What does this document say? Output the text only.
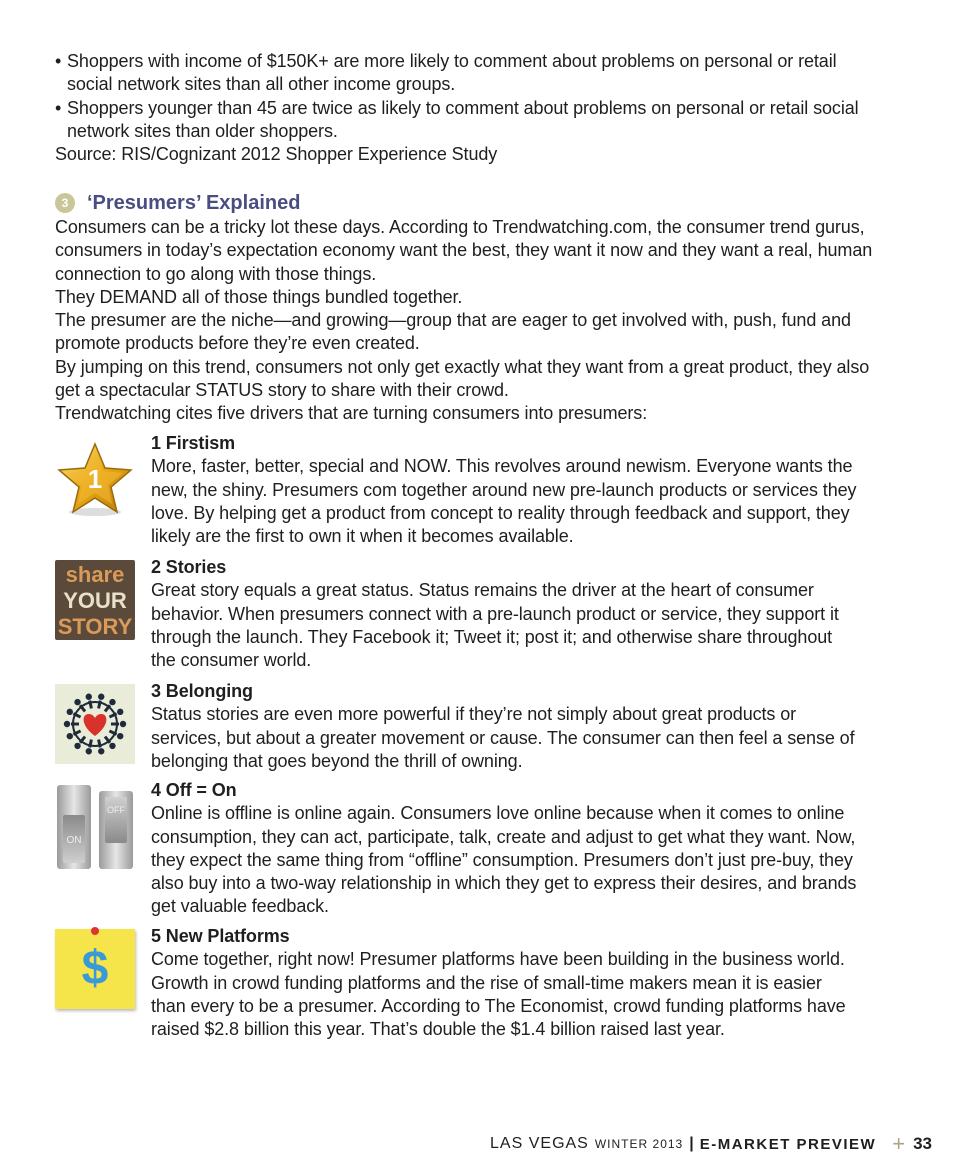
• Shoppers with income of $150K+ are more likely to comment about problems on personal or retail social network sites than all other income groups.
• Shoppers younger than 45 are twice as likely to comment about problems on personal or retail social network sites than older shoppers.
Source: RIS/Cognizant 2012 Shopper Experience Study
3 ‘Presumers’ Explained

Consumers can be a tricky lot these days. According to Trendwatching.com, the consumer trend gurus, consumers in today’s expectation economy want the best, they want it now and they want a real, human connection to go along with those things.

They DEMAND all of those things bundled together.

The presumer are the niche—and growing—group that are eager to get involved with, push, fund and promote products before they’re even created.

By jumping on this trend, consumers not only get exactly what they want from a great product, they also get a spectacular STATUS story to share with their crowd.

Trendwatching cites five drivers that are turning consumers into presumers:

1
1 Firstism

More, faster, better, special and NOW. This revolves around newism. Everyone wants the new, the shiny. Presumers com together around new pre-launch products or services they love. By helping get a product from concept to reality through feedback and support, they likely are the first to own it when it becomes available.

share
YOUR
STORY
2 Stories

Great story equals a great status. Status remains the driver at the heart of consumer behavior. When presumers connect with a pre-launch product or service, they support it through the launch. They Facebook it; Tweet it; post it; and otherwise share throughout the consumer world.

3 Belonging

Status stories are even more powerful if they’re not simply about great products or services, but about a greater movement or cause. The consumer can then feel a sense of belonging that goes beyond the thrill of owning.

ON
OFF
4 Off = On

Online is offline is online again. Consumers love online because when it comes to online consumption, they can act, participate, talk, create and adjust to get what they want. Now, they expect the same thing from “offline” consumption. Presumers don’t just pre-buy, they also buy into a two-way relationship in which they get to express their desires, and brands get valuable feedback.

$
5 New Platforms

Come together, right now! Presumer platforms have been building in the business world. Growth in crowd funding platforms and the rise of small-time makers mean it is easier than every to be a presumer. According to The Economist, crowd funding platforms have raised $2.8 billion this year. That’s double the $1.4 billion raised last year.

LAS VEGAS WINTER 2013 | E-MARKET PREVIEW + 33
